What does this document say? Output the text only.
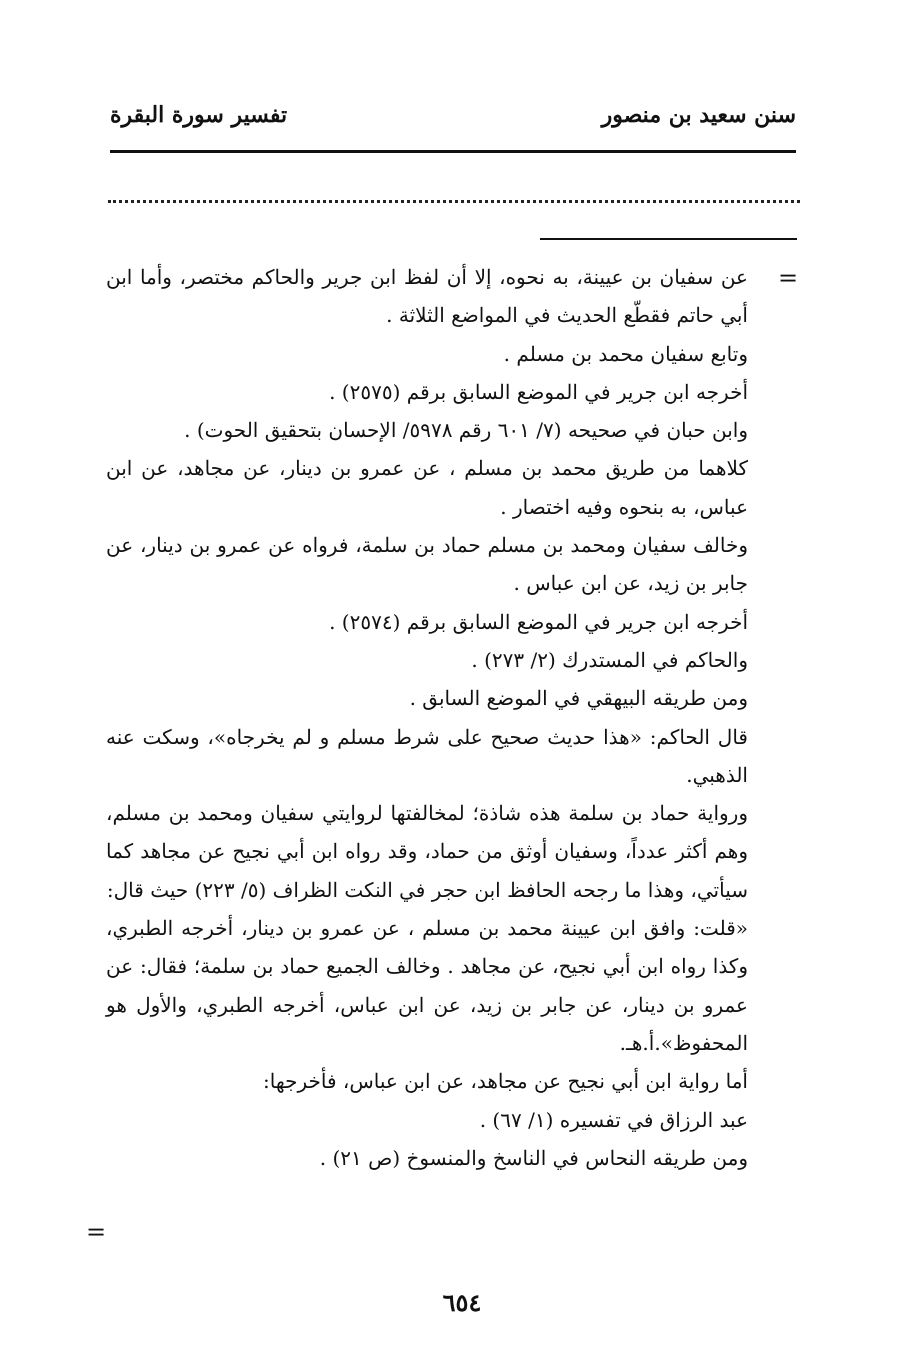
سنن سعيد بن منصور
تفسير سورة البقرة
=

عن سفيان بن عيينة، به نحوه، إلا أن لفظ ابن جرير والحاكم مختصر، وأما ابن أبي حاتم فقطّع الحديث في المواضع الثلاثة .

وتابع سفيان محمد بن مسلم .

أخرجه ابن جرير في الموضع السابق برقم (٢٥٧٥) .

وابن حبان في صحيحه (٧/ ٦٠١ رقم ٥٩٧٨/ الإحسان بتحقيق الحوت) .

كلاهما من طريق محمد بن مسلم ، عن عمرو بن دينار، عن مجاهد، عن ابن عباس، به بنحوه وفيه اختصار .

وخالف سفيان ومحمد بن مسلم حماد بن سلمة، فرواه عن عمرو بن دينار، عن جابر بن زيد، عن ابن عباس .

أخرجه ابن جرير في الموضع السابق برقم (٢٥٧٤) .

والحاكم في المستدرك (٢/ ٢٧٣) .

ومن طريقه البيهقي في الموضع السابق .

قال الحاكم: «هذا حديث صحيح على شرط مسلم و لم يخرجاه»، وسكت عنه الذهبي.

ورواية حماد بن سلمة هذه شاذة؛ لمخالفتها لروايتي سفيان ومحمد بن مسلم، وهم أكثر عدداً، وسفيان أوثق من حماد، وقد رواه ابن أبي نجيح عن مجاهد كما سيأتي، وهذا ما رجحه الحافظ ابن حجر في النكت الظراف (٥/ ٢٢٣) حيث قال:

«قلت: وافق ابن عيينة محمد بن مسلم ، عن عمرو بن دينار، أخرجه الطبري، وكذا رواه ابن أبي نجيح، عن مجاهد . وخالف الجميع حماد بن سلمة؛ فقال: عن عمرو بن دينار، عن جابر بن زيد، عن ابن عباس، أخرجه الطبري، والأول هو المحفوظ».أ.هـ.

أما رواية ابن أبي نجيح عن مجاهد، عن ابن عباس، فأخرجها:

عبد الرزاق في تفسيره (١/ ٦٧) .

ومن طريقه النحاس في الناسخ والمنسوخ (ص ٢١) .

=
٦٥٤
